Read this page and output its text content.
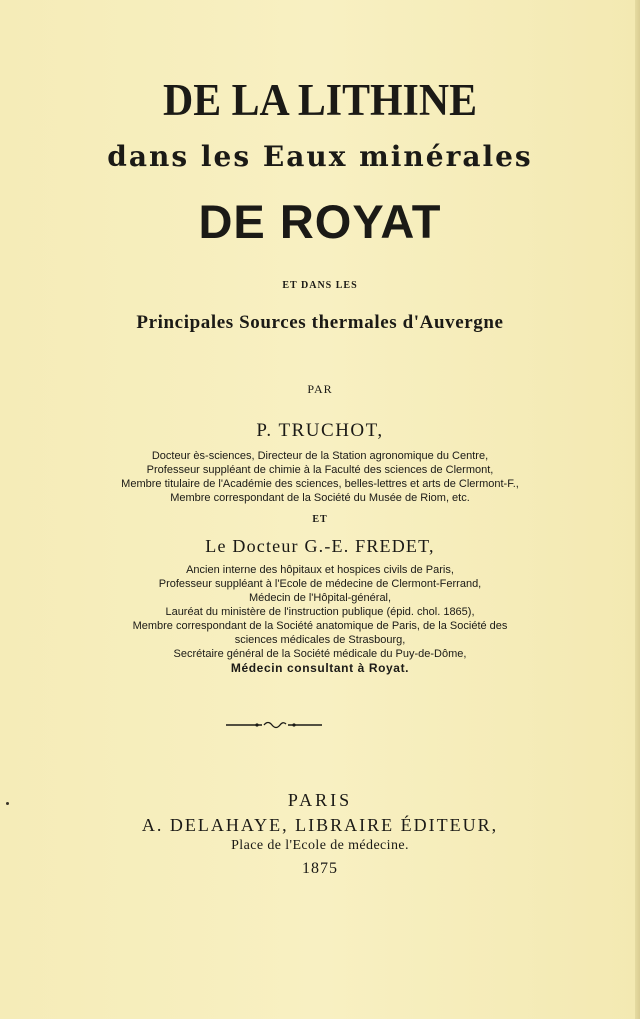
DE LA LITHINE
dans les Eaux minérales
DE ROYAT
ET DANS LES
Principales Sources thermales d'Auvergne
PAR
P. TRUCHOT,
Docteur ès-sciences, Directeur de la Station agronomique du Centre,
Professeur suppléant de chimie à la Faculté des sciences de Clermont,
Membre titulaire de l'Académie des sciences, belles-lettres et arts de Clermont-F.,
Membre correspondant de la Société du Musée de Riom, etc.
ET
Le Docteur G.-E. FREDET,
Ancien interne des hôpitaux et hospices civils de Paris,
Professeur suppléant à l'Ecole de médecine de Clermont-Ferrand,
Médecin de l'Hôpital-général,
Lauréat du ministère de l'instruction publique (épid. chol. 1865),
Membre correspondant de la Société anatomique de Paris, de la Société des
sciences médicales de Strasbourg,
Secrétaire général de la Société médicale du Puy-de-Dôme,
Médecin consultant à Royat.
PARIS
A. DELAHAYE, LIBRAIRE ÉDITEUR,
Place de l'Ecole de médecine.
1875
